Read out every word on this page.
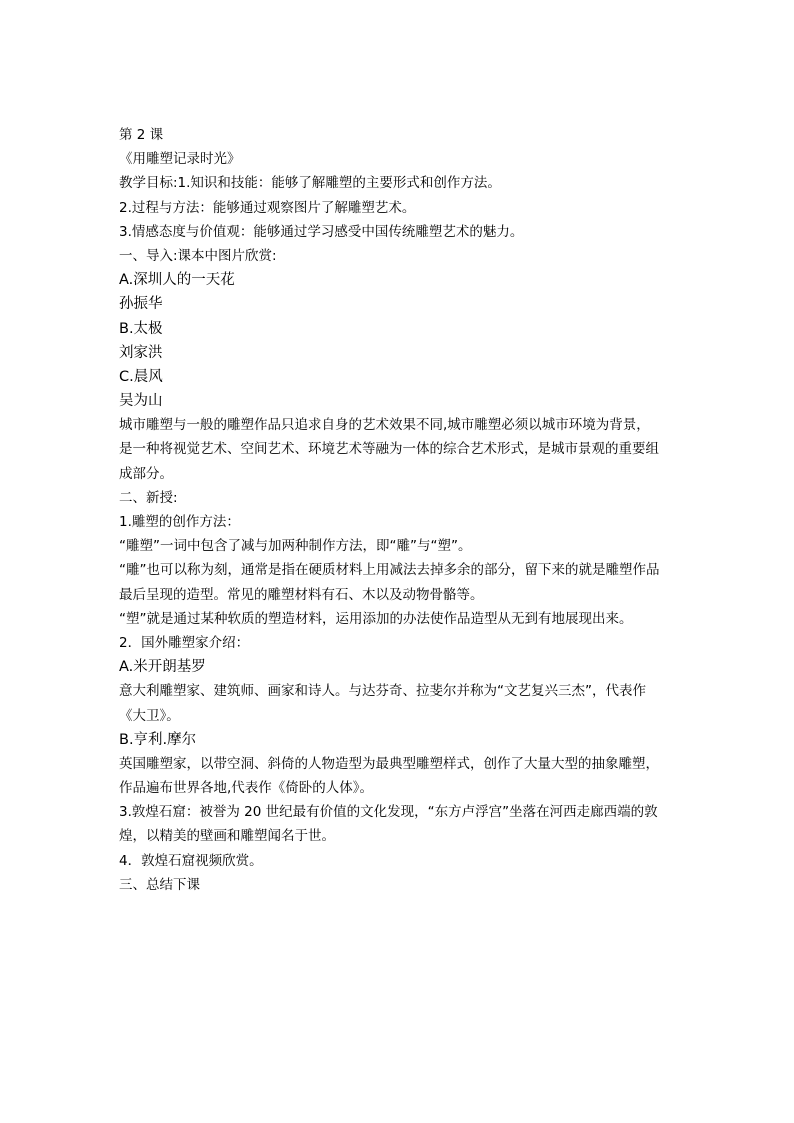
第 2 课
《用雕塑记录时光》
教学目标:1.知识和技能：能够了解雕塑的主要形式和创作方法。
2.过程与方法：能够通过观察图片了解雕塑艺术。
3.情感态度与价值观：能够通过学习感受中国传统雕塑艺术的魅力。
一、导入:课本中图片欣赏:
A.深圳人的一天花
孙振华
B.太极
刘家洪
C.晨风
吴为山
城市雕塑与一般的雕塑作品只追求自身的艺术效果不同,城市雕塑必须以城市环境为背景，
是一种将视觉艺术、空间艺术、环境艺术等融为一体的综合艺术形式，是城市景观的重要组
成部分。
二、新授:
1.雕塑的创作方法：
“雕塑”一词中包含了减与加两种制作方法，即“雕”与“塑”。
“雕”也可以称为刻，通常是指在硬质材料上用减法去掉多余的部分，留下来的就是雕塑作品
最后呈现的造型。常见的雕塑材料有石、木以及动物骨骼等。
“塑”就是通过某种软质的塑造材料，运用添加的办法使作品造型从无到有地展现出来。
2．国外雕塑家介绍：
A.米开朗基罗
意大利雕塑家、建筑师、画家和诗人。与达芬奇、拉斐尔并称为“文艺复兴三杰”，代表作
《大卫》。
B.亨利.摩尔
英国雕塑家，以带空洞、斜倚的人物造型为最典型雕塑样式，创作了大量大型的抽象雕塑，
作品遍布世界各地,代表作《倚卧的人体》。
3.敦煌石窟：被誉为 20 世纪最有价值的文化发现，“东方卢浮宫”坐落在河西走廊西端的敦
煌，以精美的壁画和雕塑闻名于世。
4．敦煌石窟视频欣赏。
三、总结下课
